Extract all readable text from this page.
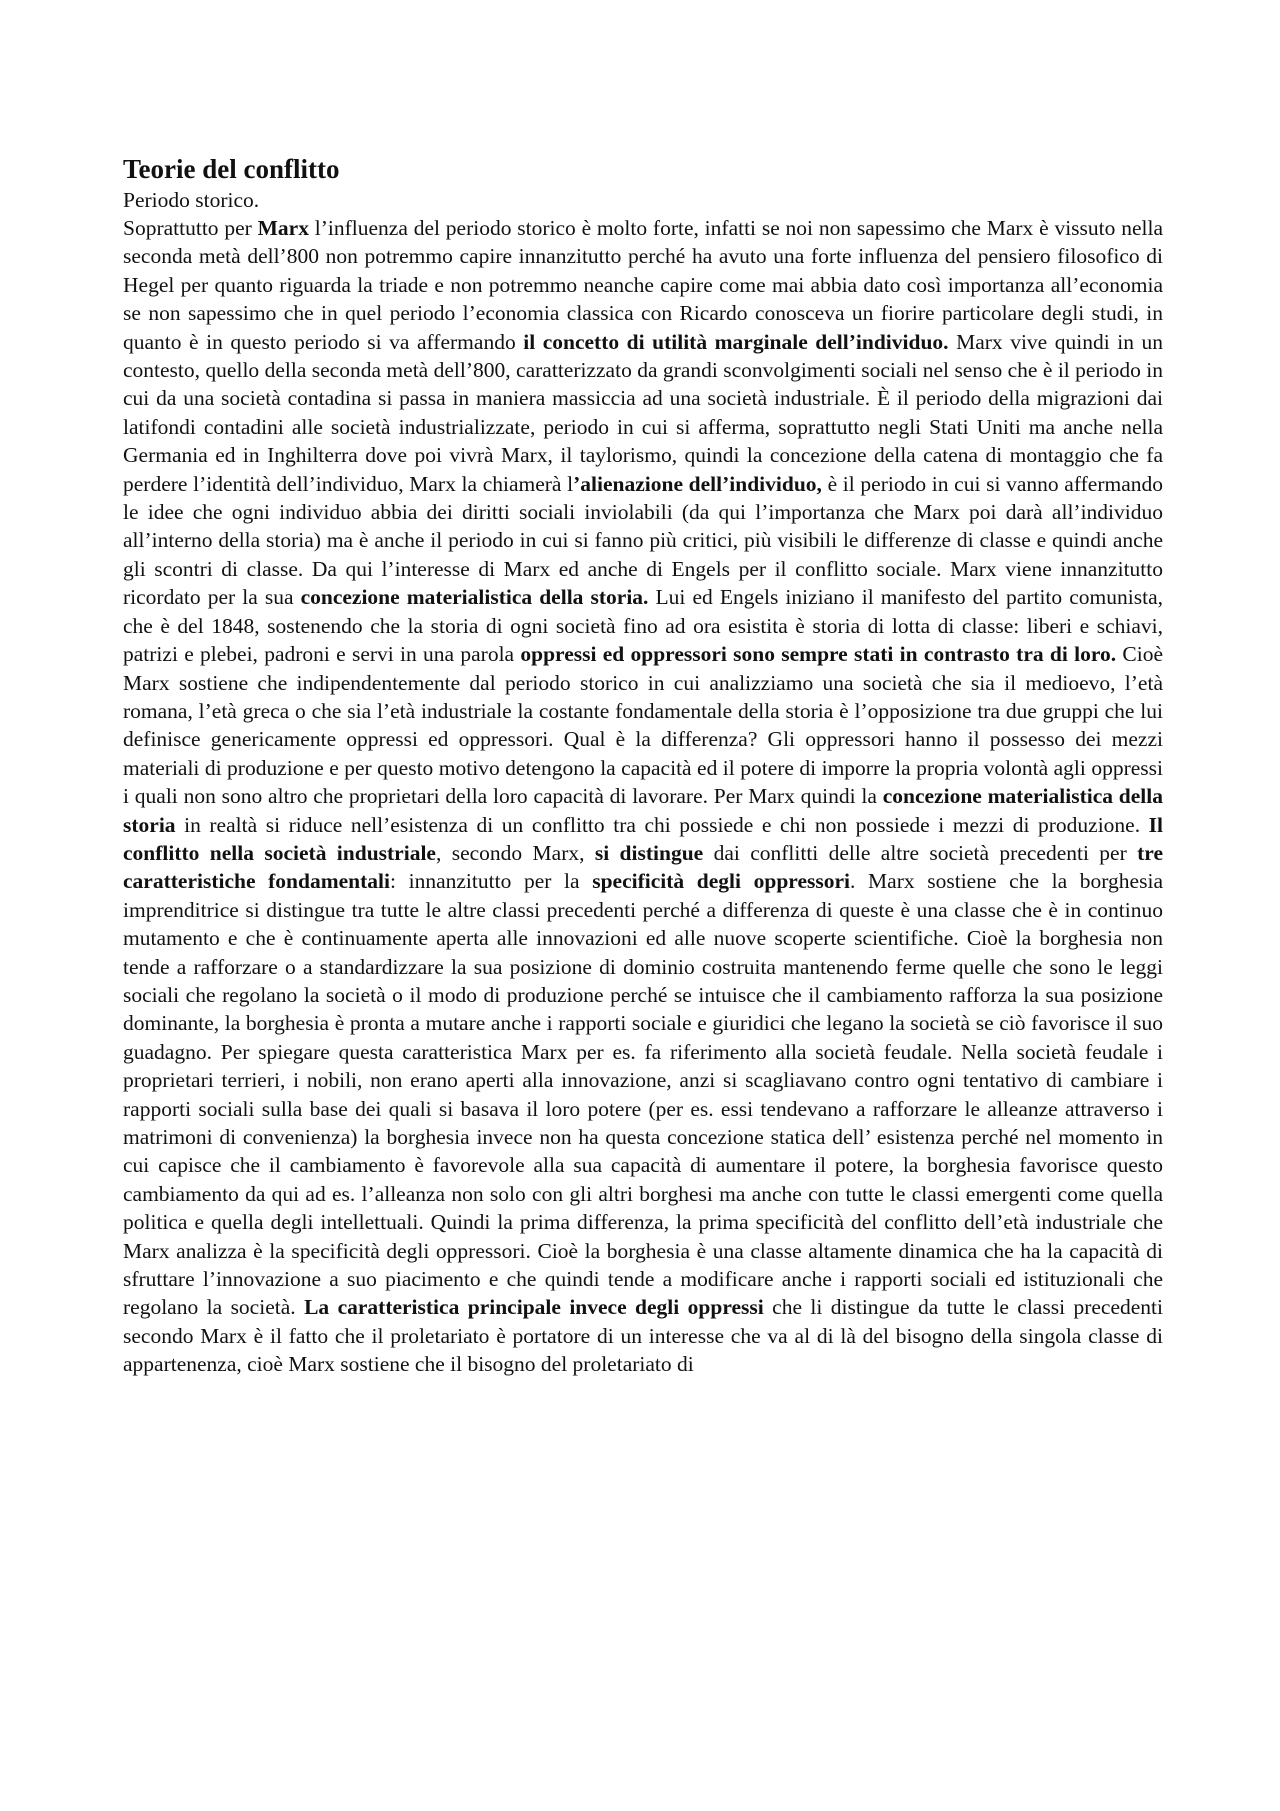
Teorie del conflitto

Periodo storico.

Soprattutto per Marx l’influenza del periodo storico è molto forte, infatti se noi non sapessimo che Marx è vissuto nella seconda metà dell’800 non potremmo capire innanzitutto perché ha avuto una forte influenza del pensiero filosofico di Hegel per quanto riguarda la triade e non potremmo neanche capire come mai abbia dato così importanza all’economia se non sapessimo che in quel periodo l’economia classica con Ricardo conosceva un fiorire particolare degli studi, in quanto è in questo periodo si va affermando il concetto di utilità marginale dell’individuo. Marx vive quindi in un contesto, quello della seconda metà dell’800, caratterizzato da grandi sconvolgimenti sociali nel senso che è il periodo in cui da una società contadina si passa in maniera massiccia ad una società industriale. È il periodo della migrazioni dai latifondi contadini alle società industrializzate, periodo in cui si afferma, soprattutto negli Stati Uniti ma anche nella Germania ed in Inghilterra dove poi vivrà Marx, il taylorismo, quindi la concezione della catena di montaggio che fa perdere l’identità dell’individuo, Marx la chiamerà l’alienazione dell’individuo, è il periodo in cui si vanno affermando le idee che ogni individuo abbia dei diritti sociali inviolabili (da qui l’importanza che Marx poi darà all’individuo all’interno della storia) ma è anche il periodo in cui si fanno più critici, più visibili le differenze di classe e quindi anche gli scontri di classe. Da qui l’interesse di Marx ed anche di Engels per il conflitto sociale. Marx viene innanzitutto ricordato per la sua concezione materialistica della storia. Lui ed Engels iniziano il manifesto del partito comunista, che è del 1848, sostenendo che la storia di ogni società fino ad ora esistita è storia di lotta di classe: liberi e schiavi, patrizi e plebei, padroni e servi in una parola oppressi ed oppressori sono sempre stati in contrasto tra di loro. Cioè Marx sostiene che indipendentemente dal periodo storico in cui analizziamo una società che sia il medioevo, l’età romana, l’età greca o che sia l’età industriale la costante fondamentale della storia è l’opposizione tra due gruppi che lui definisce genericamente oppressi ed oppressori. Qual è la differenza? Gli oppressori hanno il possesso dei mezzi materiali di produzione e per questo motivo detengono la capacità ed il potere di imporre la propria volontà agli oppressi i quali non sono altro che proprietari della loro capacità di lavorare. Per Marx quindi la concezione materialistica della storia in realtà si riduce nell’esistenza di un conflitto tra chi possiede e chi non possiede i mezzi di produzione. Il conflitto nella società industriale, secondo Marx, si distingue dai conflitti delle altre società precedenti per tre caratteristiche fondamentali: innanzitutto per la specificità degli oppressori. Marx sostiene che la borghesia imprenditrice si distingue tra tutte le altre classi precedenti perché a differenza di queste è una classe che è in continuo mutamento e che è continuamente aperta alle innovazioni ed alle nuove scoperte scientifiche. Cioè la borghesia non tende a rafforzare o a standardizzare la sua posizione di dominio costruita mantenendo ferme quelle che sono le leggi sociali che regolano la società o il modo di produzione perché se intuisce che il cambiamento rafforza la sua posizione dominante, la borghesia è pronta a mutare anche i rapporti sociale e giuridici che legano la società se ciò favorisce il suo guadagno. Per spiegare questa caratteristica Marx per es. fa riferimento alla società feudale. Nella società feudale i proprietari terrieri, i nobili, non erano aperti alla innovazione, anzi si scagliavano contro ogni tentativo di cambiare i rapporti sociali sulla base dei quali si basava il loro potere (per es. essi tendevano a rafforzare le alleanze attraverso i matrimoni di convenienza) la borghesia invece non ha questa concezione statica dell’ esistenza perché nel momento in cui capisce che il cambiamento è favorevole alla sua capacità di aumentare il potere, la borghesia favorisce questo cambiamento da qui ad es. l’alleanza non solo con gli altri borghesi ma anche con tutte le classi emergenti come quella politica e quella degli intellettuali. Quindi la prima differenza, la prima specificità del conflitto dell’età industriale che Marx analizza è la specificità degli oppressori. Cioè la borghesia è una classe altamente dinamica che ha la capacità di sfruttare l’innovazione a suo piacimento e che quindi tende a modificare anche i rapporti sociali ed istituzionali che regolano la società. La caratteristica principale invece degli oppressi che li distingue da tutte le classi precedenti secondo Marx è il fatto che il proletariato è portatore di un interesse che va al di là del bisogno della singola classe di appartenenza, cioè Marx sostiene che il bisogno del proletariato di
